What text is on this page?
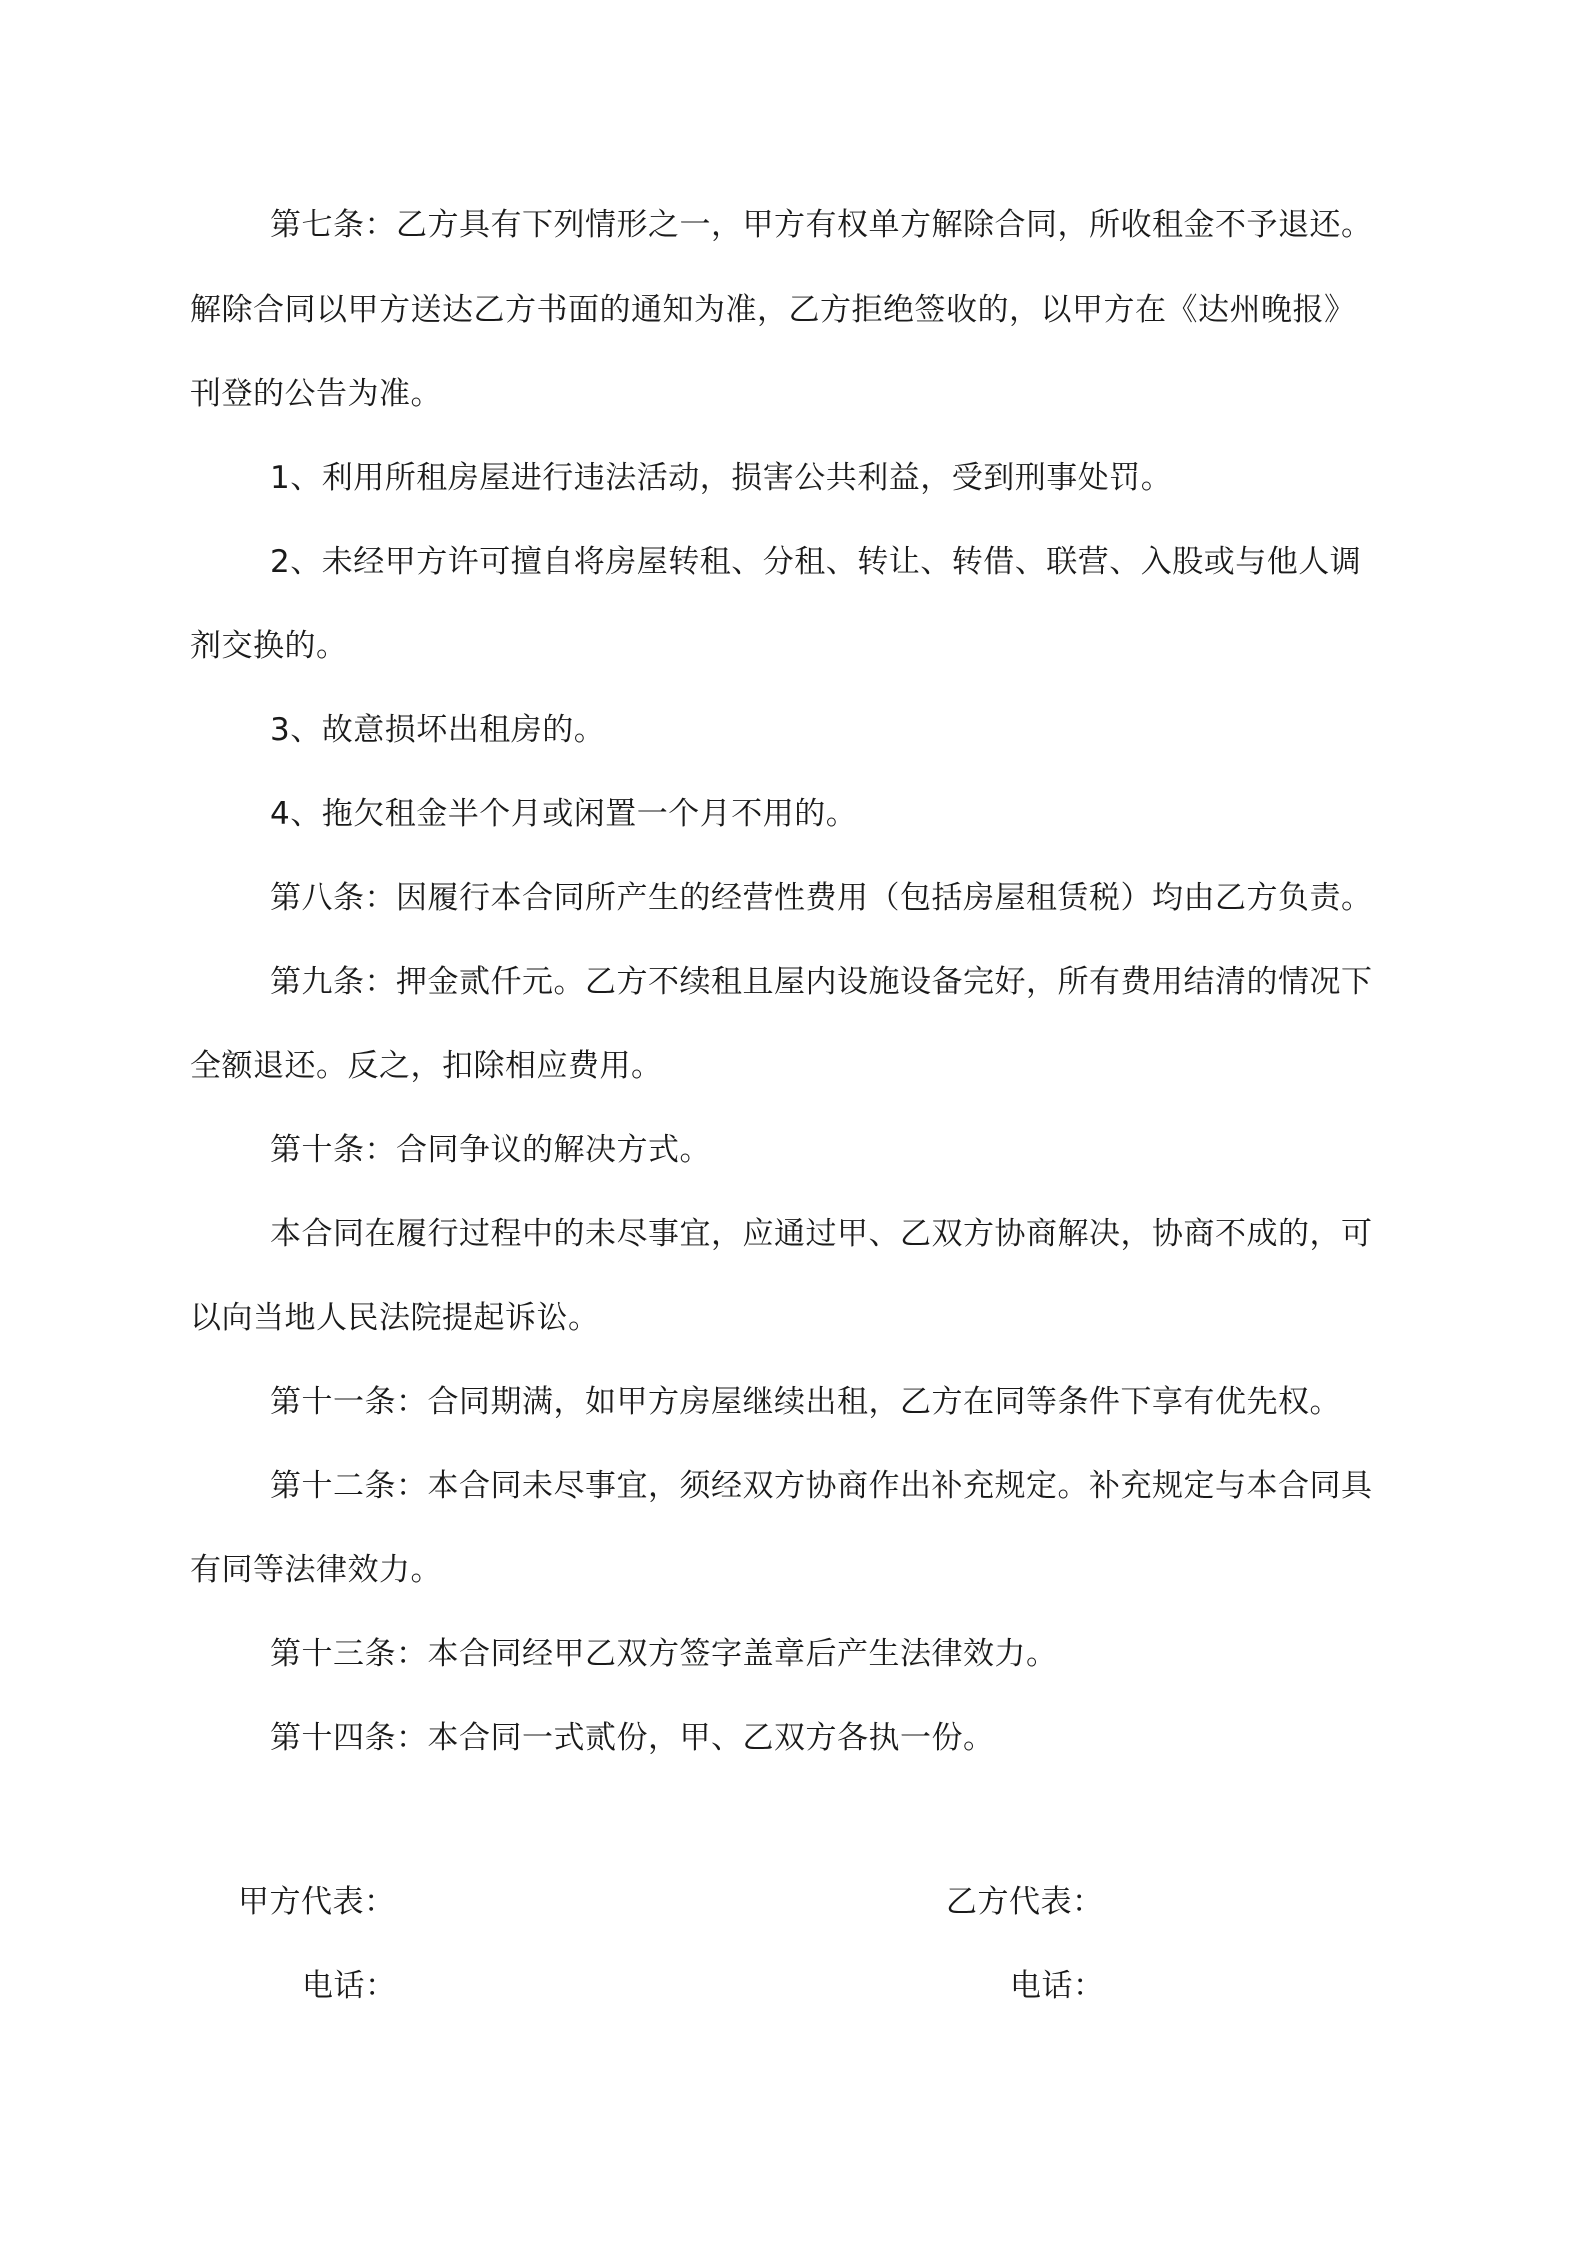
第七条：乙方具有下列情形之一，甲方有权单方解除合同，所收租金不予退还。
解除合同以甲方送达乙方书面的通知为准，乙方拒绝签收的，以甲方在《达州晚报》
刊登的公告为准。
1、利用所租房屋进行违法活动，损害公共利益，受到刑事处罚。
2、未经甲方许可擅自将房屋转租、分租、转让、转借、联营、入股或与他人调
剂交换的。
3、故意损坏出租房的。
4、拖欠租金半个月或闲置一个月不用的。
第八条：因履行本合同所产生的经营性费用（包括房屋租赁税）均由乙方负责。
第九条：押金贰仟元。乙方不续租且屋内设施设备完好，所有费用结清的情况下
全额退还。反之，扣除相应费用。
第十条：合同争议的解决方式。
本合同在履行过程中的未尽事宜，应通过甲、乙双方协商解决，协商不成的，可
以向当地人民法院提起诉讼。
第十一条：合同期满，如甲方房屋继续出租，乙方在同等条件下享有优先权。
第十二条：本合同未尽事宜，须经双方协商作出补充规定。补充规定与本合同具
有同等法律效力。
第十三条：本合同经甲乙双方签字盖章后产生法律效力。
第十四条：本合同一式贰份，甲、乙双方各执一份。
甲方代表：	乙方代表：
电话：	电话：
